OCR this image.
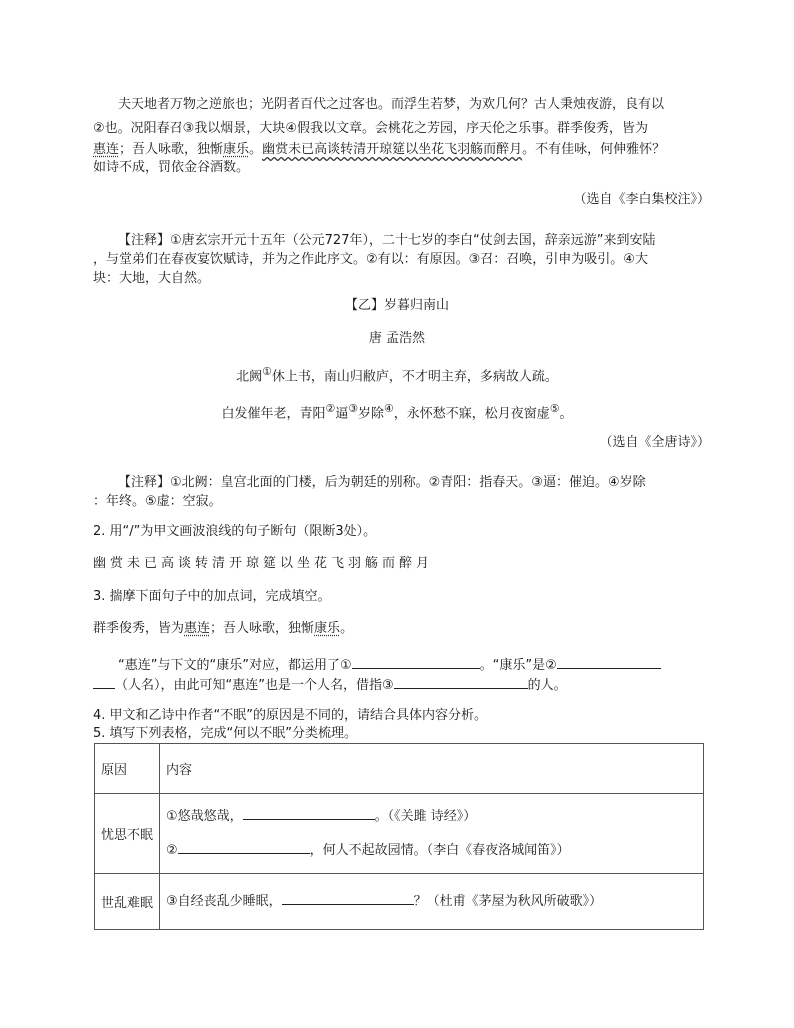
夫天地者万物之逆旅也；光阴者百代之过客也。而浮生若梦，为欢几何？古人秉烛夜游，良有以
②也。况阳春召③我以烟景，大块④假我以文章。会桃花之芳园，序天伦之乐事。群季俊秀，皆为
惠连；吾人咏歌，独惭康乐。幽赏未已高谈转清开琼筵以坐花飞羽觞而醉月。不有佳咏，何伸雅怀？
如诗不成，罚依金谷酒数。
（选自《李白集校注》）
【注释】①唐玄宗开元十五年（公元727年），二十七岁的李白“仗剑去国，辞亲远游”来到安陆
，与堂弟们在春夜宴饮赋诗，并为之作此序文。②有以：有原因。③召：召唤，引申为吸引。④大
块：大地，大自然。
【乙】岁暮归南山
唐 孟浩然
北阙①休上书，南山归敝庐，不才明主弃，多病故人疏。
白发催年老，青阳②逼③岁除④，永怀愁不寐，松月夜窗虚⑤。
（选自《全唐诗》）
【注释】①北阙：皇宫北面的门楼，后为朝廷的别称。②青阳：指春天。③逼：催迫。④岁除
：年终。⑤虚：空寂。
2. 用“/”为甲文画波浪线的句子断句（限断3处）。
幽赏未已高谈转清开琼筵以坐花飞羽觞而醉月
3. 揣摩下面句子中的加点词，完成填空。
群季俊秀，皆为惠连；吾人咏歌，独惭康乐。
“惠连”与下文的“康乐”对应，都运用了①	。“康乐”是②
（人名），由此可知“惠连”也是一个人名，借指③	的人。
4. 甲文和乙诗中作者“不眠”的原因是不同的，请结合具体内容分析。
5. 填写下列表格，完成“何以不眠”分类梳理。
原因	内容
忧思不眠	①悠哉悠哉， 。（《关雎 诗经》）
② ，何人不起故园情。（李白《春夜洛城闻笛》）

世乱难眠	③自经丧乱少睡眠， ？（杜甫《茅屋为秋风所破歌》）
